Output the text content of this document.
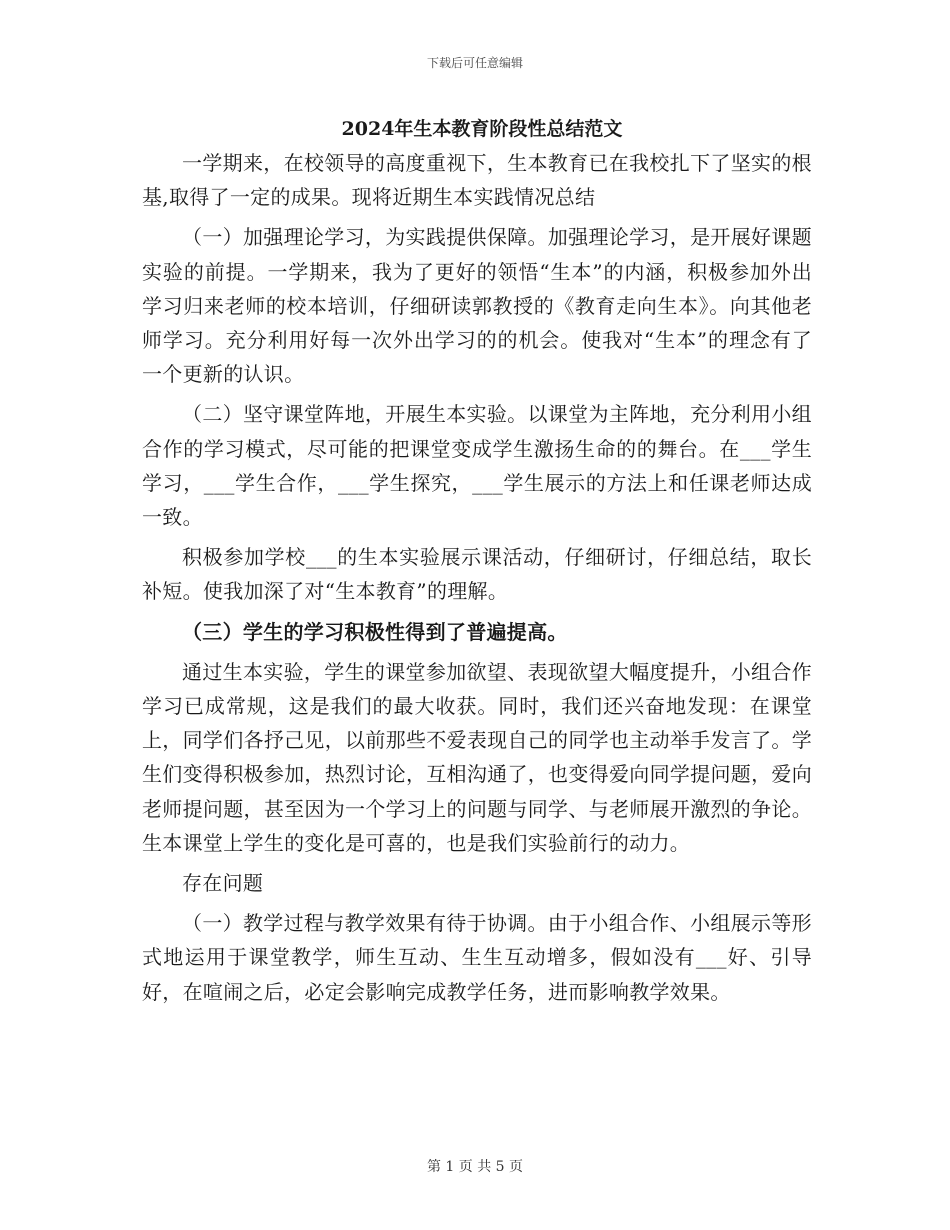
下载后可任意编辑
2024年生本教育阶段性总结范文

一学期来，在校领导的高度重视下，生本教育已在我校扎下了坚实的根基,取得了一定的成果。现将近期生本实践情况总结

（一）加强理论学习，为实践提供保障。加强理论学习，是开展好课题实验的前提。一学期来，我为了更好的领悟“生本”的内涵，积极参加外出学习归来老师的校本培训，仔细研读郭教授的《教育走向生本》。向其他老师学习。充分利用好每一次外出学习的的机会。使我对“生本”的理念有了一个更新的认识。

（二）坚守课堂阵地，开展生本实验。以课堂为主阵地，充分利用小组合作的学习模式，尽可能的把课堂变成学生激扬生命的的舞台。在___学生学习，___学生合作，___学生探究，___学生展示的方法上和任课老师达成一致。

积极参加学校___的生本实验展示课活动，仔细研讨，仔细总结，取长补短。使我加深了对“生本教育”的理解。

（三）学生的学习积极性得到了普遍提高。

通过生本实验，学生的课堂参加欲望、表现欲望大幅度提升，小组合作学习已成常规，这是我们的最大收获。同时，我们还兴奋地发现：在课堂上，同学们各抒己见，以前那些不爱表现自己的同学也主动举手发言了。学生们变得积极参加，热烈讨论，互相沟通了，也变得爱向同学提问题，爱向老师提问题，甚至因为一个学习上的问题与同学、与老师展开激烈的争论。生本课堂上学生的变化是可喜的，也是我们实验前行的动力。

存在问题

（一）教学过程与教学效果有待于协调。由于小组合作、小组展示等形式地运用于课堂教学，师生互动、生生互动增多，假如没有___好、引导好，在喧闹之后，必定会影响完成教学任务，进而影响教学效果。

第 1 页 共 5 页
